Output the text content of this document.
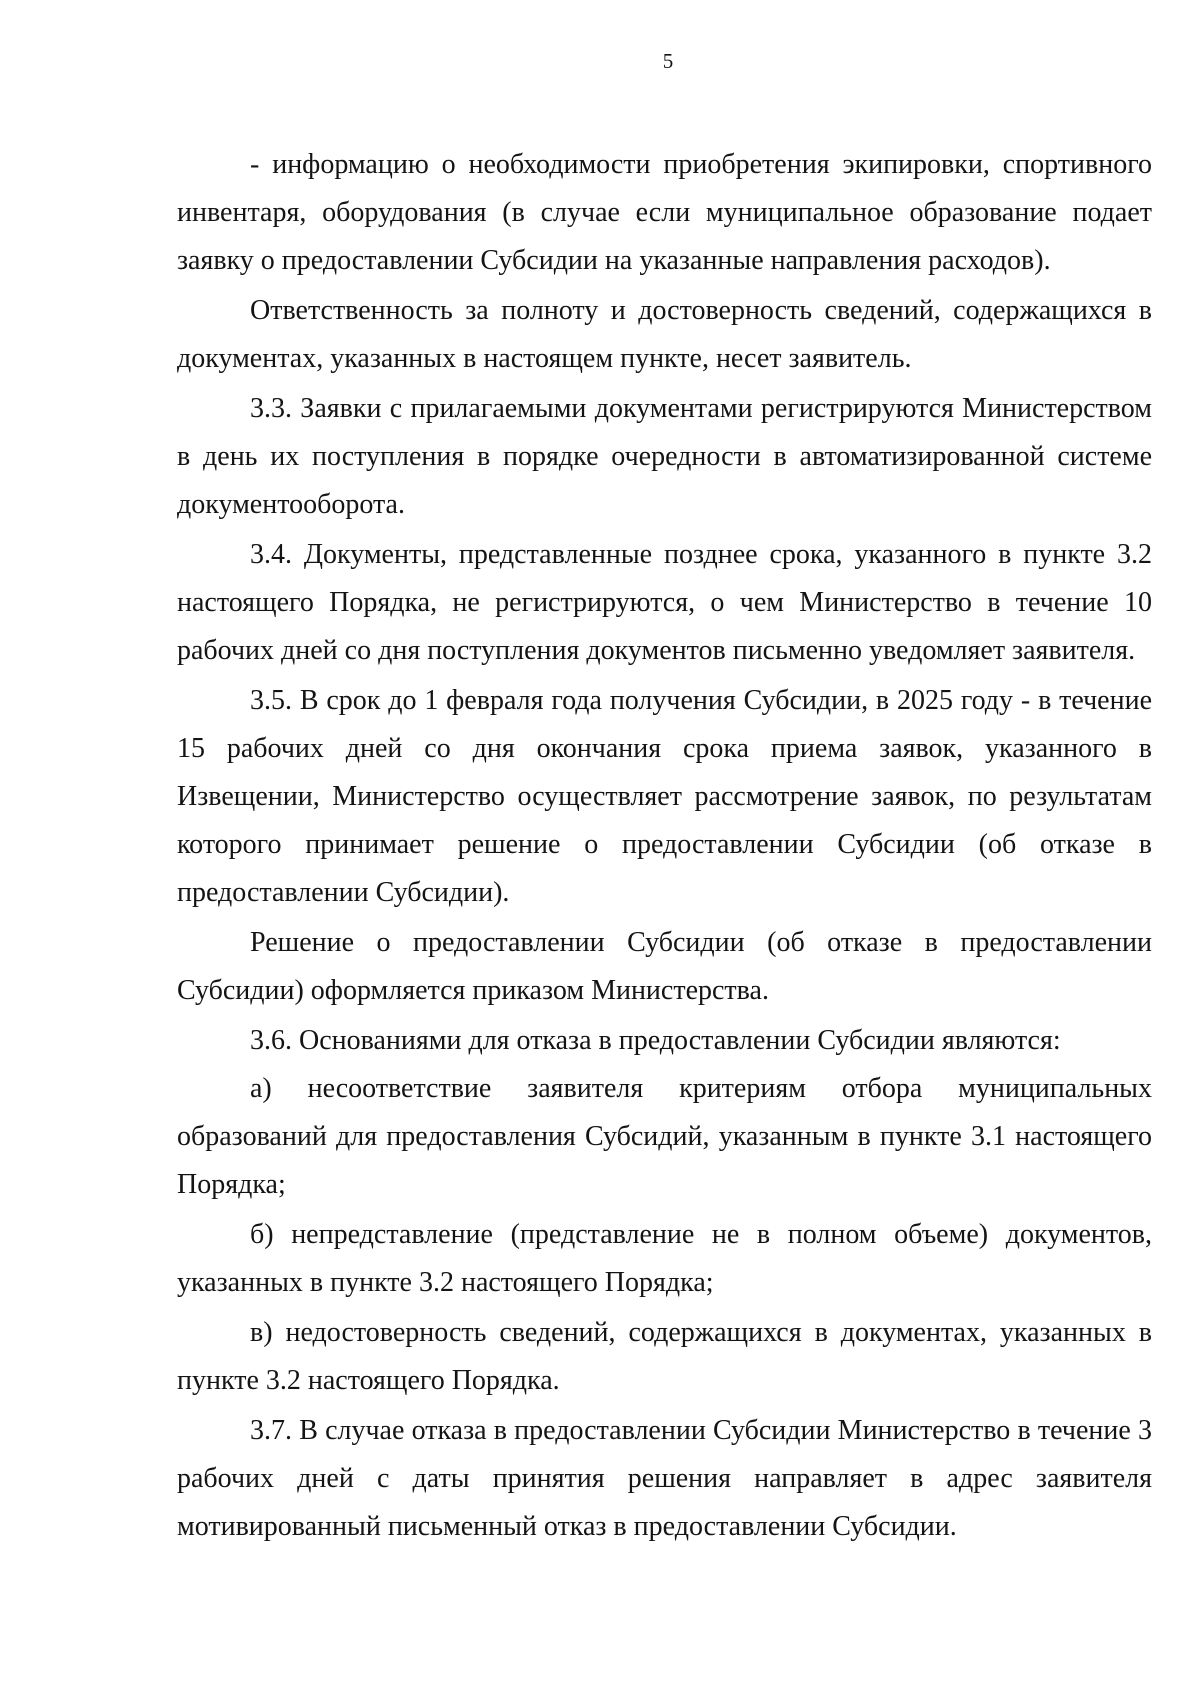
5

- информацию о необходимости приобретения экипировки, спортивного инвентаря, оборудования (в случае если муниципальное образование подает заявку о предоставлении Субсидии на указанные направления расходов).

Ответственность за полноту и достоверность сведений, содержащихся в документах, указанных в настоящем пункте, несет заявитель.

3.3. Заявки с прилагаемыми документами регистрируются Министерством в день их поступления в порядке очередности в автоматизированной системе документооборота.

3.4. Документы, представленные позднее срока, указанного в пункте 3.2 настоящего Порядка, не регистрируются, о чем Министерство в течение 10 рабочих дней со дня поступления документов письменно уведомляет заявителя.

3.5. В срок до 1 февраля года получения Субсидии, в 2025 году - в течение 15 рабочих дней со дня окончания срока приема заявок, указанного в Извещении, Министерство осуществляет рассмотрение заявок, по результатам которого принимает решение о предоставлении Субсидии (об отказе в предоставлении Субсидии).

Решение о предоставлении Субсидии (об отказе в предоставлении Субсидии) оформляется приказом Министерства.

3.6. Основаниями для отказа в предоставлении Субсидии являются:

а) несоответствие заявителя критериям отбора муниципальных образований для предоставления Субсидий, указанным в пункте 3.1 настоящего Порядка;

б) непредставление (представление не в полном объеме) документов, указанных в пункте 3.2 настоящего Порядка;

в) недостоверность сведений, содержащихся в документах, указанных в пункте 3.2 настоящего Порядка.

3.7. В случае отказа в предоставлении Субсидии Министерство в течение 3 рабочих дней с даты принятия решения направляет в адрес заявителя мотивированный письменный отказ в предоставлении Субсидии.
